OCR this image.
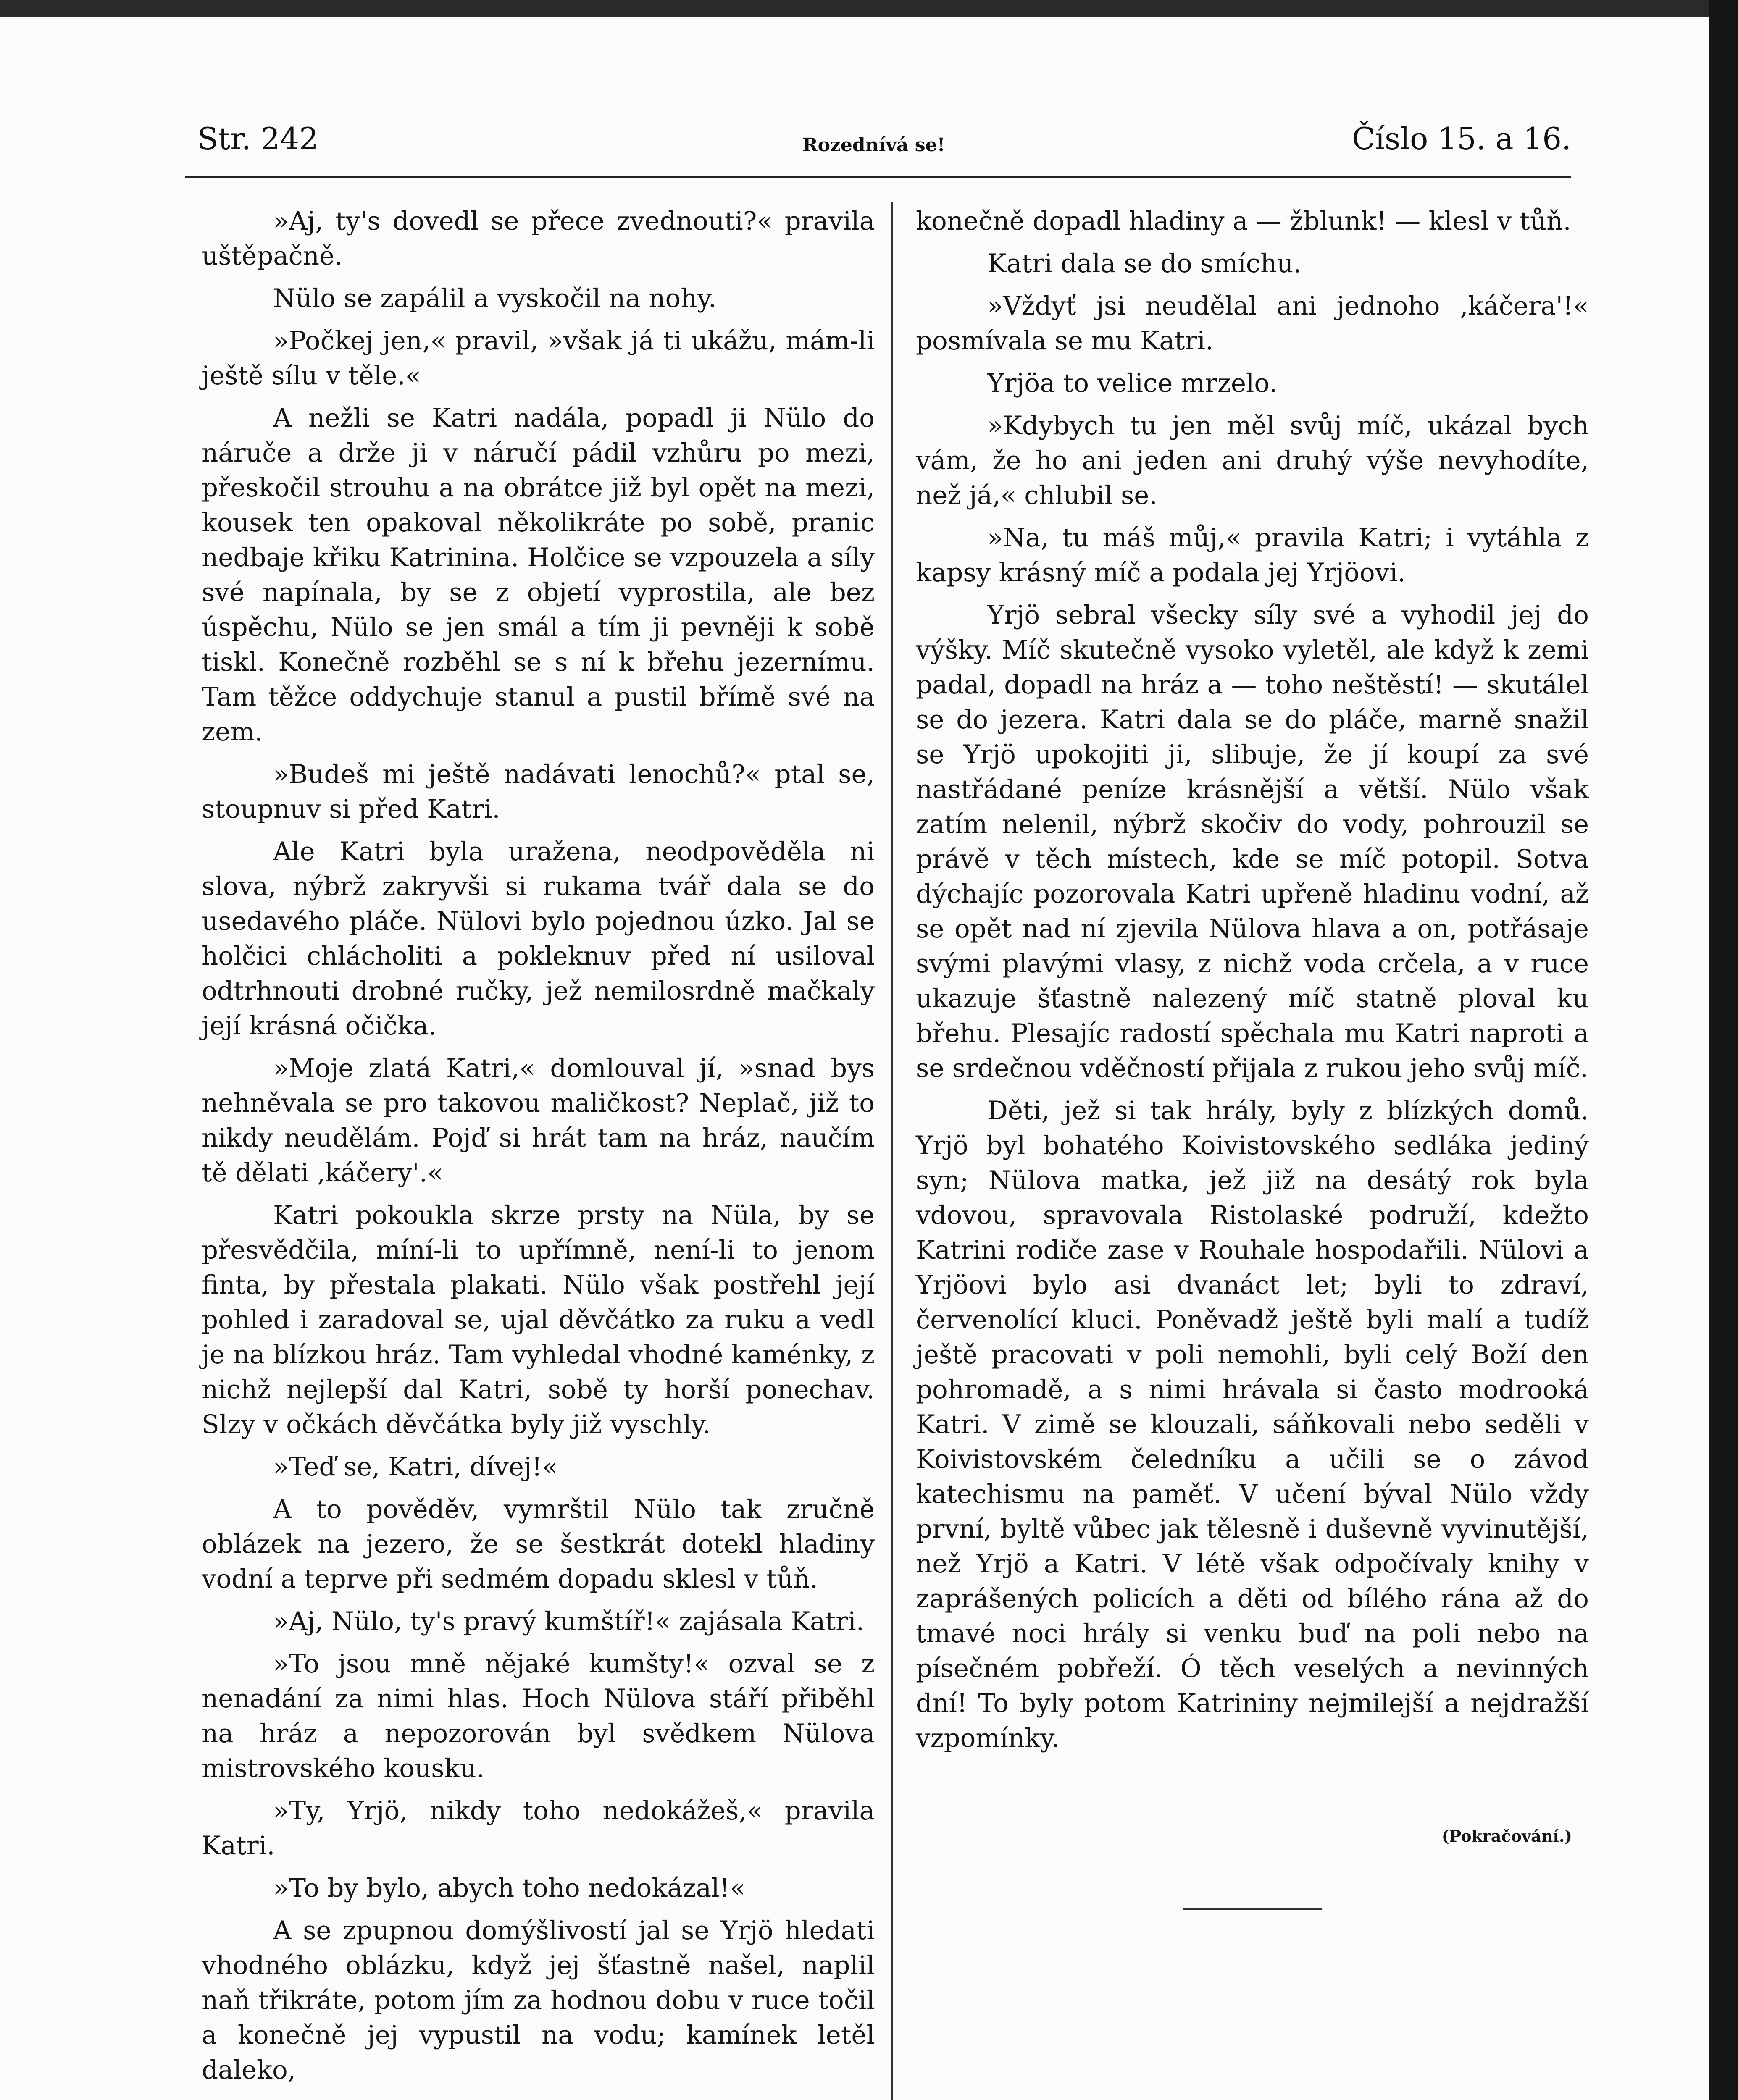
Str. 242	Rozednívá se!	Číslo 15. a 16.

»Aj, ty's dovedl se přece zvednouti?« pravila uštěpačně.

Nülo se zapálil a vyskočil na nohy.

»Počkej jen,« pravil, »však já ti ukážu, mám-li ještě sílu v těle.«

A nežli se Katri nadála, popadl ji Nülo do náruče a drže ji v náručí pádil vzhůru po mezi, přeskočil strouhu a na obrátce již byl opět na mezi, kousek ten opakoval několikráte po sobě, pranic nedbaje křiku Katrinina. Holčice se vzpouzela a síly své napínala, by se z objetí vyprostila, ale bez úspěchu, Nülo se jen smál a tím ji pevněji k sobě tiskl. Konečně rozběhl se s ní k břehu jezernímu. Tam těžce oddychuje stanul a pustil břímě své na zem.

»Budeš mi ještě nadávati lenochů?« ptal se, stoupnuv si před Katri.

Ale Katri byla uražena, neodpověděla ni slova, nýbrž zakryvši si rukama tvář dala se do usedavého pláče. Nülovi bylo pojednou úzko. Jal se holčici chlácholiti a pokleknuv před ní usiloval odtrhnouti drobné ručky, jež nemilosrdně mačkaly její krásná očička.

»Moje zlatá Katri,« domlouval jí, »snad bys nehněvala se pro takovou maličkost? Neplač, již to nikdy neudělám. Pojď si hrát tam na hráz, naučím tě dělati ‚káčery'.«

Katri pokoukla skrze prsty na Nüla, by se přesvědčila, míní-li to upřímně, není-li to jenom finta, by přestala plakati. Nülo však postřehl její pohled i zaradoval se, ujal děvčátko za ruku a vedl je na blízkou hráz. Tam vyhledal vhodné kaménky, z nichž nejlepší dal Katri, sobě ty horší ponechav. Slzy v očkách děvčátka byly již vyschly.

»Teď se, Katri, dívej!«

A to pověděv, vymrštil Nülo tak zručně oblázek na jezero, že se šestkrát dotekl hladiny vodní a teprve při sedmém dopadu sklesl v tůň.

»Aj, Nülo, ty's pravý kumštíř!« zajásala Katri.

»To jsou mně nějaké kumšty!« ozval se z nenadání za nimi hlas. Hoch Nülova stáří přiběhl na hráz a nepozorován byl svědkem Nülova mistrovského kousku.

»Ty, Yrjö, nikdy toho nedokážeš,« pravila Katri.

»To by bylo, abych toho nedokázal!«

A se zpupnou domýšlivostí jal se Yrjö hledati vhodného oblázku, když jej šťastně našel, naplil naň třikráte, potom jím za hodnou dobu v ruce točil a konečně jej vypustil na vodu; kamínek letěl daleko,

konečně dopadl hladiny a — žblunk! — klesl v tůň.

Katri dala se do smíchu.

»Vždyť jsi neudělal ani jednoho ‚káčera'!« posmívala se mu Katri.

Yrjöa to velice mrzelo.

»Kdybych tu jen měl svůj míč, ukázal bych vám, že ho ani jeden ani druhý výše nevyhodíte, než já,« chlubil se.

»Na, tu máš můj,« pravila Katri; i vytáhla z kapsy krásný míč a podala jej Yrjöovi.

Yrjö sebral všecky síly své a vyhodil jej do výšky. Míč skutečně vysoko vyletěl, ale když k zemi padal, dopadl na hráz a — toho neštěstí! — skutálel se do jezera. Katri dala se do pláče, marně snažil se Yrjö upokojiti ji, slibuje, že jí koupí za své nastřádané peníze krásnější a větší. Nülo však zatím nelenil, nýbrž skočiv do vody, pohrouzil se právě v těch místech, kde se míč potopil. Sotva dýchajíc pozorovala Katri upřeně hladinu vodní, až se opět nad ní zjevila Nülova hlava a on, potřásaje svými plavými vlasy, z nichž voda crčela, a v ruce ukazuje šťastně nalezený míč statně ploval ku břehu. Plesajíc radostí spěchala mu Katri naproti a se srdečnou vděčností přijala z rukou jeho svůj míč.

Děti, jež si tak hrály, byly z blízkých domů. Yrjö byl bohatého Koivistovského sedláka jediný syn; Nülova matka, jež již na desátý rok byla vdovou, spravovala Ristolaské podruží, kdežto Katrini rodiče zase v Rouhale hospodařili. Nülovi a Yrjöovi bylo asi dvanáct let; byli to zdraví, červenolící kluci. Poněvadž ještě byli malí a tudíž ještě pracovati v poli nemohli, byli celý Boží den pohromadě, a s nimi hrávala si často modrooká Katri. V zimě se klouzali, sáňkovali nebo seděli v Koivistovském čeledníku a učili se o závod katechismu na paměť. V učení býval Nülo vždy první, byltě vůbec jak tělesně i duševně vyvinutější, než Yrjö a Katri. V létě však odpočívaly knihy v zaprášených policích a děti od bílého rána až do tmavé noci hrály si venku buď na poli nebo na písečném pobřeží. Ó těch veselých a nevinných dní! To byly potom Katrininy nejmilejší a nejdražší vzpomínky.

(Pokračování.)
